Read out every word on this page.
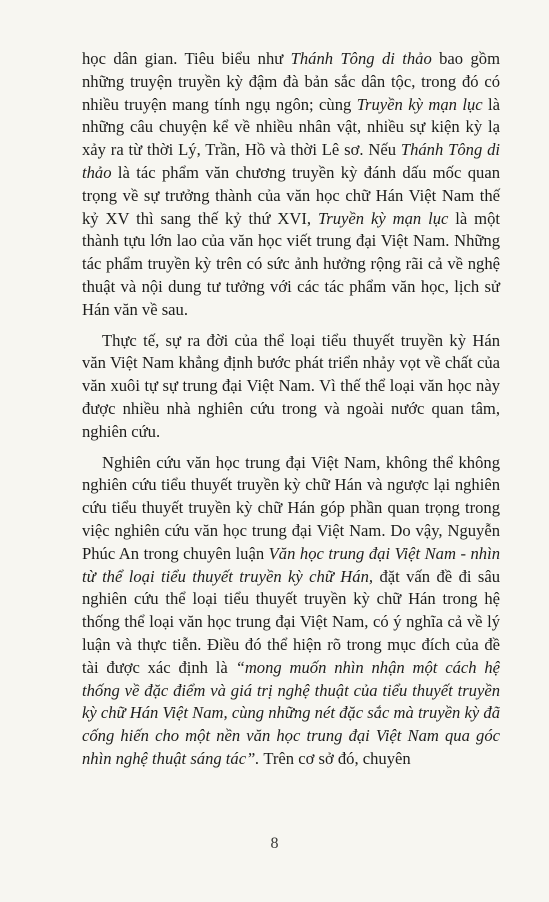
học dân gian. Tiêu biểu như Thánh Tông di thảo bao gồm những truyện truyền kỳ đậm đà bản sắc dân tộc, trong đó có nhiều truyện mang tính ngụ ngôn; cùng Truyền kỳ mạn lục là những câu chuyện kể về nhiều nhân vật, nhiều sự kiện kỳ lạ xảy ra từ thời Lý, Trần, Hồ và thời Lê sơ. Nếu Thánh Tông di thảo là tác phẩm văn chương truyền kỳ đánh dấu mốc quan trọng về sự trưởng thành của văn học chữ Hán Việt Nam thế kỷ XV thì sang thế kỷ thứ XVI, Truyền kỳ mạn lục là một thành tựu lớn lao của văn học viết trung đại Việt Nam. Những tác phẩm truyền kỳ trên có sức ảnh hưởng rộng rãi cả về nghệ thuật và nội dung tư tưởng với các tác phẩm văn học, lịch sử Hán văn về sau.

Thực tế, sự ra đời của thể loại tiểu thuyết truyền kỳ Hán văn Việt Nam khẳng định bước phát triển nhảy vọt về chất của văn xuôi tự sự trung đại Việt Nam. Vì thế thể loại văn học này được nhiều nhà nghiên cứu trong và ngoài nước quan tâm, nghiên cứu.

Nghiên cứu văn học trung đại Việt Nam, không thể không nghiên cứu tiểu thuyết truyền kỳ chữ Hán và ngược lại nghiên cứu tiểu thuyết truyền kỳ chữ Hán góp phần quan trọng trong việc nghiên cứu văn học trung đại Việt Nam. Do vậy, Nguyễn Phúc An trong chuyên luận Văn học trung đại Việt Nam - nhìn từ thể loại tiểu thuyết truyền kỳ chữ Hán, đặt vấn đề đi sâu nghiên cứu thể loại tiểu thuyết truyền kỳ chữ Hán trong hệ thống thể loại văn học trung đại Việt Nam, có ý nghĩa cả về lý luận và thực tiễn. Điều đó thể hiện rõ trong mục đích của đề tài được xác định là “mong muốn nhìn nhận một cách hệ thống về đặc điểm và giá trị nghệ thuật của tiểu thuyết truyền kỳ chữ Hán Việt Nam, cùng những nét đặc sắc mà truyền kỳ đã cống hiến cho một nền văn học trung đại Việt Nam qua góc nhìn nghệ thuật sáng tác”. Trên cơ sở đó, chuyên

8
